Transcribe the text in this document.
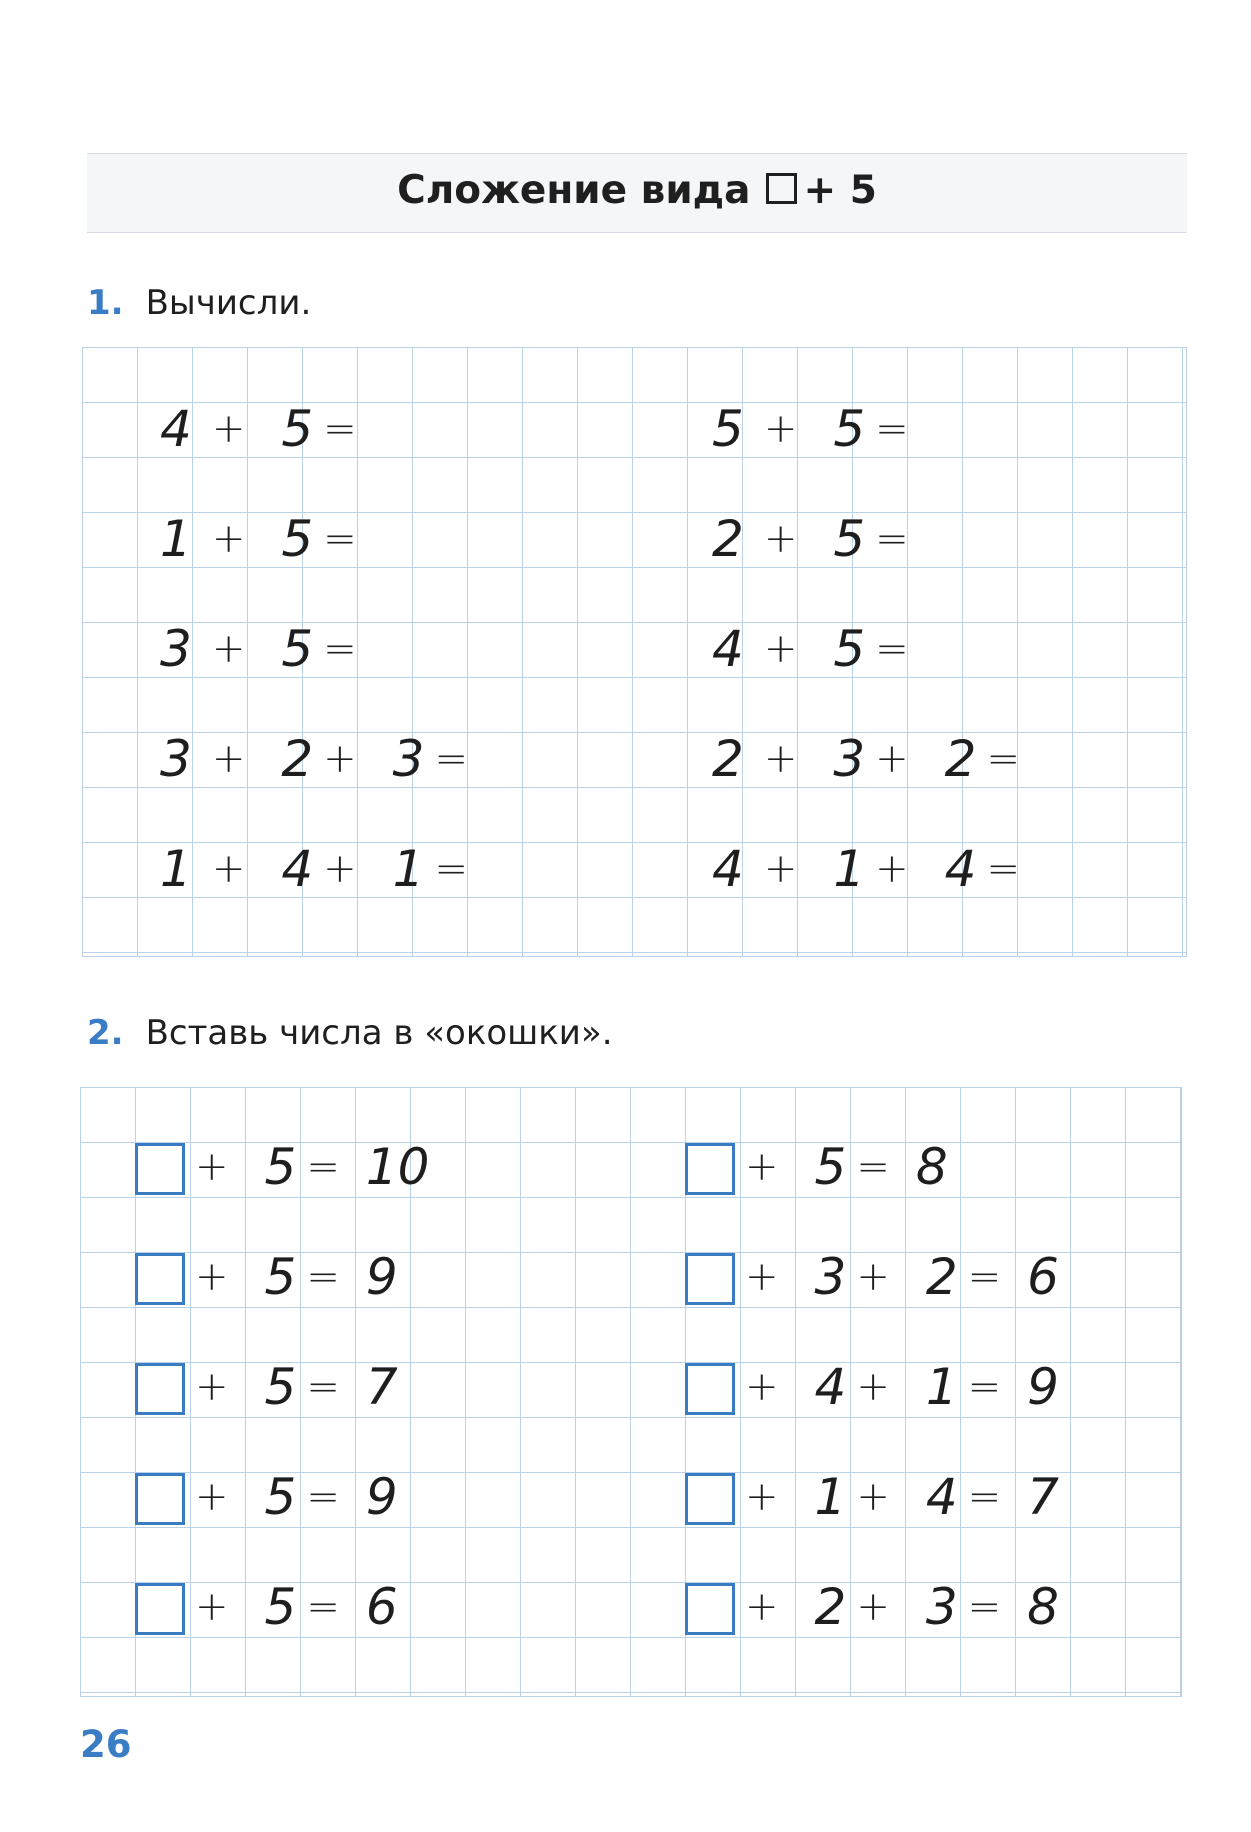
Сложение вида + 5
1. Вычисли.
4 + 5 =
1 + 5 =
3 + 5 =
3 + 2 + 3 =
1 + 4 + 1 =
5 + 5 =
2 + 5 =
4 + 5 =
2 + 3 + 2 =
4 + 1 + 4 =
2. Вставь числа в «окошки».
+ 5 = 10
+ 5 = 9
+ 5 = 7
+ 5 = 9
+ 5 = 6
+ 5 = 8
+ 3 + 2 = 6
+ 4 + 1 = 9
+ 1 + 4 = 7
+ 2 + 3 = 8
26
